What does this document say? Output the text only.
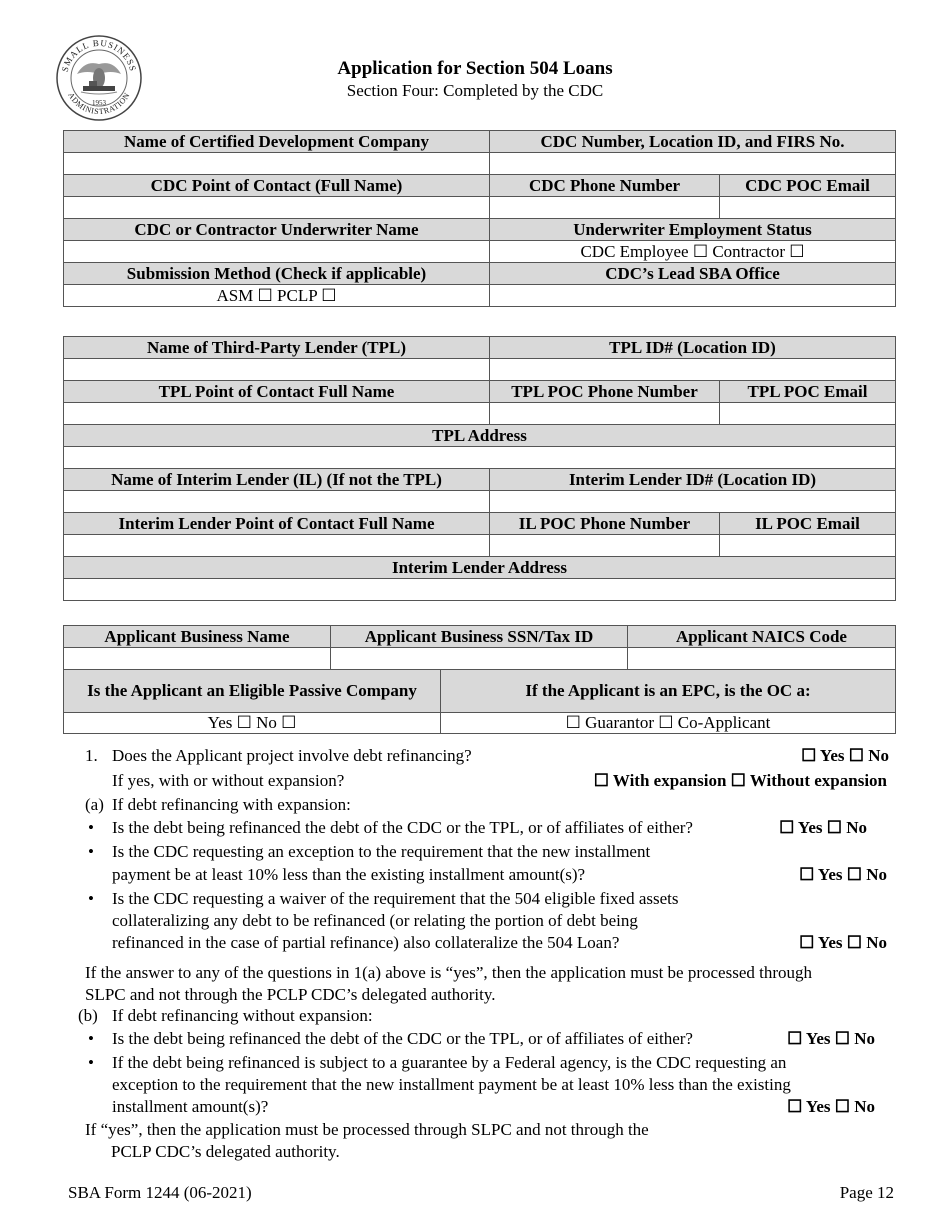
SMALL BUSINESS
ADMINISTRATION
1953
Application for Section 504 Loans
Section Four: Completed by the CDC
Name of Certified Development Company	CDC Number, Location ID, and FIRS No.	

CDC Point of Contact (Full Name)	CDC Phone Number	CDC POC Email

CDC or Contractor Underwriter Name	Underwriter Employment Status	
	CDC Employee ☐ Contractor ☐	
Submission Method (Check if applicable)	CDC’s Lead SBA Office	
ASM ☐ PCLP ☐		
Name of Third-Party Lender (TPL)	TPL ID# (Location ID)	

TPL Point of Contact Full Name	TPL POC Phone Number	TPL POC Email

TPL Address		

Name of Interim Lender (IL) (If not the TPL)	Interim Lender ID# (Location ID)	

Interim Lender Point of Contact Full Name	IL POC Phone Number	IL POC Email

Interim Lender Address		

Applicant Business Name	Applicant Business SSN/Tax ID		Applicant NAICS Code

Is the Applicant an Eligible Passive Company		If the Applicant is an EPC, is the OC a:	
Yes ☐ No ☐		☐ Guarantor ☐ Co-Applicant	
1. Does the Applicant project involve debt refinancing?	☐ Yes ☐ No
If yes, with or without expansion?	☐ With expansion ☐ Without expansion
(a) If debt refinancing with expansion:
• Is the debt being refinanced the debt of the CDC or the TPL, or of affiliates of either?	☐ Yes ☐ No
• Is the CDC requesting an exception to the requirement that the new installment
payment be at least 10% less than the existing installment amount(s)?	☐ Yes ☐ No
• Is the CDC requesting a waiver of the requirement that the 504 eligible fixed assets
collateralizing any debt to be refinanced (or relating the portion of debt being
refinanced in the case of partial refinance) also collateralize the 504 Loan?	☐ Yes ☐ No
If the answer to any of the questions in 1(a) above is “yes”, then the application must be processed through
SLPC and not through the PCLP CDC’s delegated authority.
(b) If debt refinancing without expansion:
• Is the debt being refinanced the debt of the CDC or the TPL, or of affiliates of either?	☐ Yes ☐ No
• If the debt being refinanced is subject to a guarantee by a Federal agency, is the CDC requesting an
exception to the requirement that the new installment payment be at least 10% less than the existing
installment amount(s)?	☐ Yes ☐ No
If “yes”, then the application must be processed through SLPC and not through the
PCLP CDC’s delegated authority.
SBA Form 1244 (06-2021)	Page 12
